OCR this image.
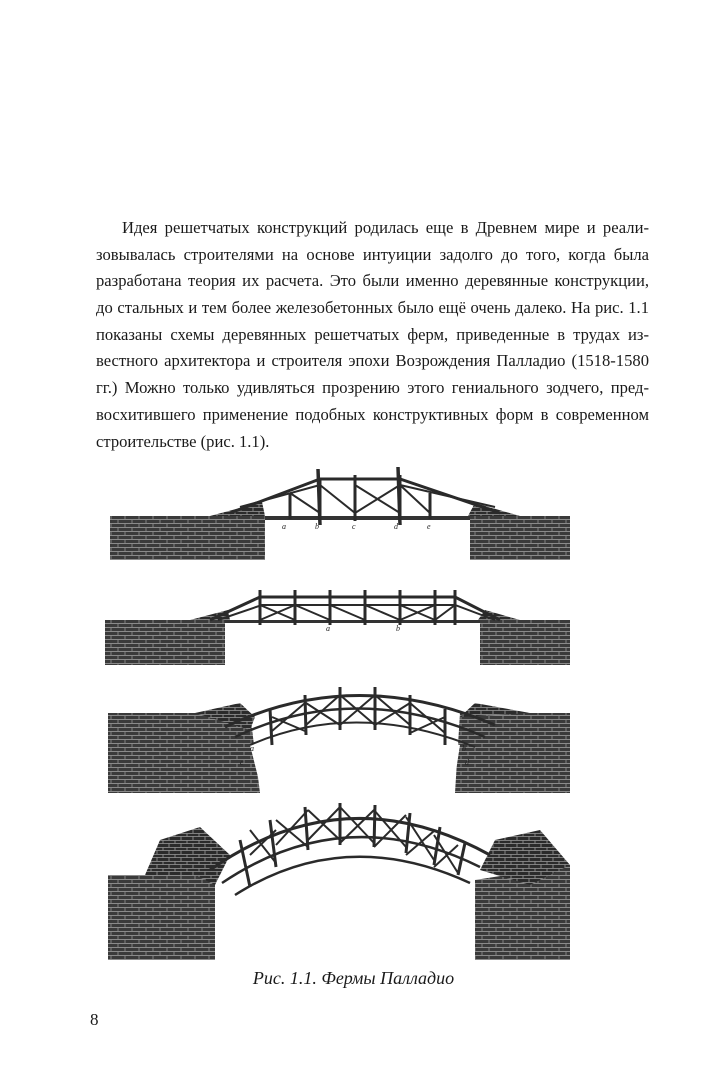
Идея решетчатых конструкций родилась еще в Древнем мире и реали-
зовывалась строителями на основе интуиции задолго до того, когда была
разработана теория их расчета. Это были именно деревянные конструкции,
до стальных и тем более железобетонных было ещё очень далеко. На рис. 1.1
показаны схемы деревянных решетчатых ферм, приведенные в трудах из-
вестного архитектора и строителя эпохи Возрождения Палладио (1518-1580
гг.) Можно только удивляться прозрению этого гениального зодчего, пред-
восхитившего применение подобных конструктивных форм в современном
строительстве (рис. 1.1).
a	b	c	d	e
a	b
a	b
c	d

Рис. 1.1. Фермы Палладио

8
